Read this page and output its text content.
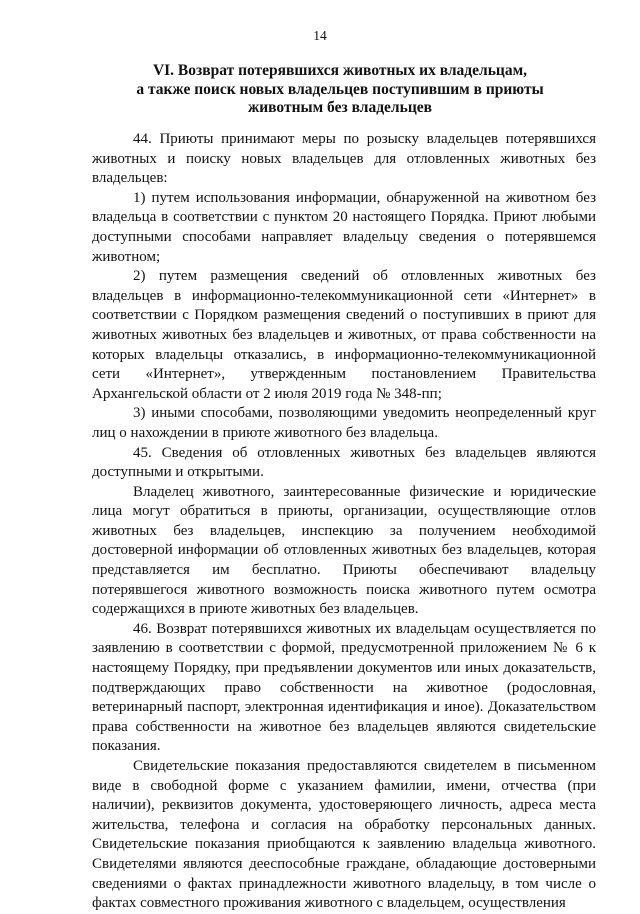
14
VI. Возврат потерявшихся животных их владельцам,
а также поиск новых владельцев поступившим в приюты
животным без владельцев

44. Приюты принимают меры по розыску владельцев потерявшихся животных и поиску новых владельцев для отловленных животных без владельцев:

1) путем использования информации, обнаруженной на животном без владельца в соответствии с пунктом 20 настоящего Порядка. Приют любыми доступными способами направляет владельцу сведения о потерявшемся животном;

2) путем размещения сведений об отловленных животных без владельцев в информационно-телекоммуникационной сети «Интернет» в соответствии с Порядком размещения сведений о поступивших в приют для животных животных без владельцев и животных, от права собственности на которых владельцы отказались, в информационно-телекоммуникационной сети «Интернет», утвержденным постановлением Правительства Архангельской области от 2 июля 2019 года № 348-пп;

3) иными способами, позволяющими уведомить неопределенный круг лиц о нахождении в приюте животного без владельца.

45. Сведения об отловленных животных без владельцев являются доступными и открытыми.

Владелец животного, заинтересованные физические и юридические лица могут обратиться в приюты, организации, осуществляющие отлов животных без владельцев, инспекцию за получением необходимой достоверной информации об отловленных животных без владельцев, которая представляется им бесплатно. Приюты обеспечивают владельцу потерявшегося животного возможность поиска животного путем осмотра содержащихся в приюте животных без владельцев.

46. Возврат потерявшихся животных их владельцам осуществляется по заявлению в соответствии с формой, предусмотренной приложением № 6 к настоящему Порядку, при предъявлении документов или иных доказательств, подтверждающих право собственности на животное (родословная, ветеринарный паспорт, электронная идентификация и иное). Доказательством права собственности на животное без владельцев являются свидетельские показания.

Свидетельские показания предоставляются свидетелем в письменном виде в свободной форме с указанием фамилии, имени, отчества (при наличии), реквизитов документа, удостоверяющего личность, адреса места жительства, телефона и согласия на обработку персональных данных. Свидетельские показания приобщаются к заявлению владельца животного. Свидетелями являются дееспособные граждане, обладающие достоверными сведениями о фактах принадлежности животного владельцу, в том числе о фактах совместного проживания животного с владельцем, осуществления
